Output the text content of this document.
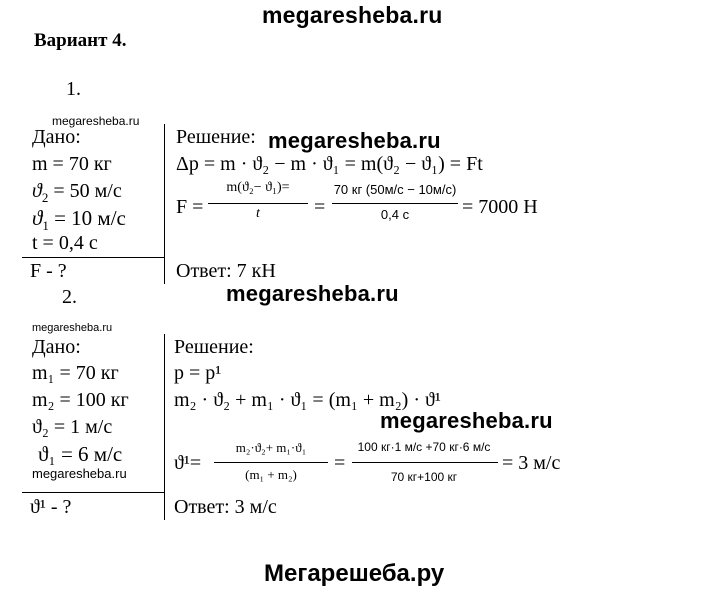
megaresheba.ru
Вариант 4.
1.
megaresheba.ru
Дано:
m = 70 кг
$ϑ_2 = 50$ м/с
$ϑ_1 = 10$ м/с
t = 0,4 с
F - ?
Решение: megaresheba.ru
Δp = m · ϑ₂ − m · ϑ₁ = m(ϑ₂ − ϑ₁) = Ft
F =
m(ϑ₂− ϑ₁)=
t	=
70 кг (50м/с − 10м/с)
0,4 с	= 7000 Н
Ответ: 7 кН
megaresheba.ru
2.
megaresheba.ru
Дано:
m₁ = 70 кг
m₂ = 100 кг
ϑ₂ = 1 м/с
ϑ₁ = 6 м/с
megaresheba.ru
ϑ¹ - ?
Решение:
p = p¹
m₂ · ϑ₂ + m₁ · ϑ₁ = (m₁ + m₂) · ϑ¹
megaresheba.ru
ϑ¹=
m₂·ϑ₂+ m₁·ϑ₁
(m₁ + m₂)
=
100 кг·1 м/с +70 кг·6 м/с
70 кг+100 кг
= 3 м/с
Ответ: 3 м/с
Мегарешеба.ру
